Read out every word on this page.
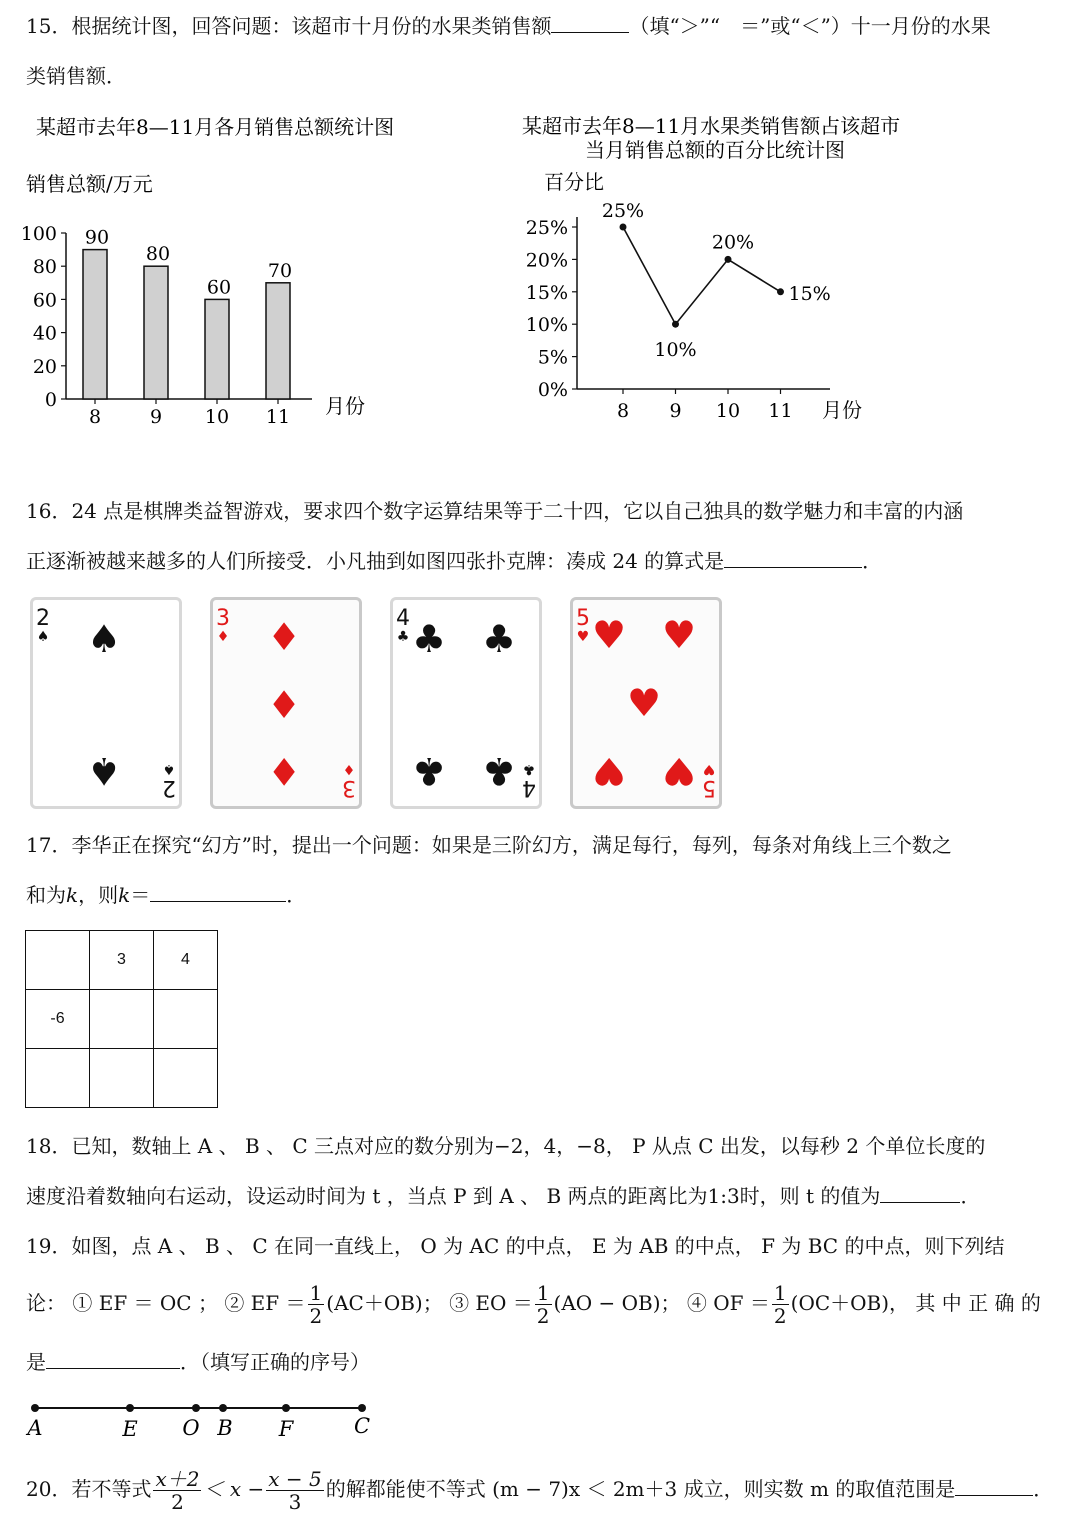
15．根据统计图，回答问题：该超市十月份的水果类销售额	（填“＞”“　＝”或“＜”）十一月份的水果
类销售额．
某超市去年8—11月各月销售总额统计图
销售总额/万元
0
20
40
60
80
100
8	9 10 11
90
80
60
70
月份
某超市去年8—11月水果类销售额占该超市
当月销售总额的百分比统计图
百分比
0%
5%
10%
15%
20%
25%
8 9 10 11
25%
10%
20%
15%
月份
16．24 点是棋牌类益智游戏，要求四个数字运算结果等于二十四，它以自己独具的数学魅力和丰富的内涵
正逐渐被越来越多的人们所接受．小凡抽到如图四张扑克牌：凑成 24 的算式是	．
2
♠
2
♠
♠
♠
3
♦
3
♦
♦
♦
♦
4
♣
4
♣
♣ ♣
♣ ♣
5
♥
5
♥
♥ ♥
♥
♥ ♥
17．李华正在探究“幻方”时，提出一个问题：如果是三阶幻方，满足每行，每列，每条对角线上三个数之
和为k，则k＝	．
	3	4
-6		

18．已知，数轴上 A 、 B 、 C 三点对应的数分别为−2，4，−8， P 从点 C 出发，以每秒 2 个单位长度的
速度沿着数轴向右运动，设运动时间为 t ，当点 P 到 A 、 B 两点的距离比为1:3时，则 t 的值为	．
19．如图，点 A 、 B 、 C 在同一直线上， O 为 AC 的中点， E 为 AB 的中点， F 为 BC 的中点，则下列结
论： ① EF ＝ OC ； ② EF ＝ $\frac{1}{2} (AC+OB)$； ③ EO ＝ $\frac{1}{2} (AO - OB)$； ④ OF ＝ $\frac{1}{2} (OC+OB)$， 其 中 正 确 的
是	．（填写正确的序号）
A	E O B F	C
20．若不等式 $\frac{x+2}{2} < x - \frac{x - 5}{3}$ 的解都能使不等式 (m − 7)x ＜ 2m＋3 成立，则实数 m 的取值范围是	．
